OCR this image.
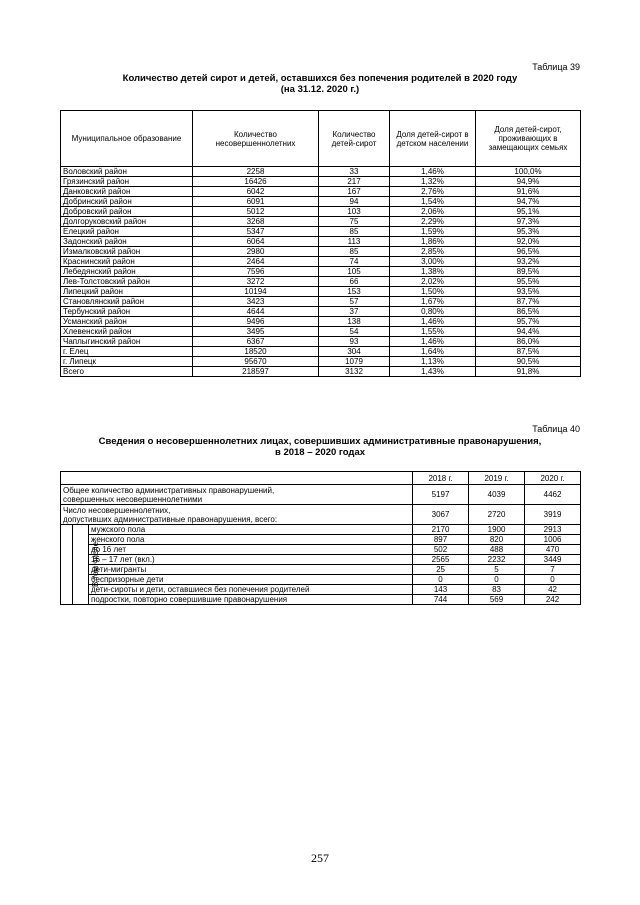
Таблица 39
Количество детей сирот и детей, оставшихся без попечения родителей в 2020 году
(на 31.12. 2020 г.)
Муниципальное образование	Количество несовершеннолетних	Количество детей-сирот	Доля детей-сирот в детском населении	Доля детей-сирот, проживающих в замещающих семьях
Воловский район	2258	33	1,46%	100,0%
Грязинский район	16426	217	1,32%	94,9%
Данковский район	6042	167	2,76%	91,6%
Добринский район	6091	94	1,54%	94,7%
Добровский район	5012	103	2,06%	95,1%
Долгоруковский район	3268	75	2,29%	97,3%
Елецкий район	5347	85	1,59%	95,3%
Задонский район	6064	113	1,86%	92,0%
Измалковский район	2980	85	2,85%	96,5%
Краснинский район	2464	74	3,00%	93,2%
Лебедянский район	7596	105	1,38%	89,5%
Лев-Толстовский район	3272	66	2,02%	95,5%
Липецкий район	10194	153	1,50%	93,5%
Становлянский район	3423	57	1,67%	87,7%
Тербунский район	4644	37	0,80%	86,5%
Усманский район	9496	138	1,46%	95,7%
Хлевенский район	3495	54	1,55%	94,4%
Чаплыгинский район	6367	93	1,46%	86,0%
г. Елец	18520	304	1,64%	87,5%
г. Липецк	95670	1079	1,13%	90,5%
Всего	218597	3132	1,43%	91,8%
Таблица 40
Сведения о несовершеннолетних лицах, совершивших административные правонарушения,
в 2018 – 2020 годах
			2018 г.	2019 г.	2020 г.
Общее количество административных правонарушений,
совершенных несовершеннолетними			5197	4039	4462
Число несовершеннолетних,
допустивших административные правонарушения, всего:			3067	2720	3919
	В том числе	мужского пола	2170	1900	2913
		женского пола	897	820	1006
		до 16 лет	502	488	470
		16 – 17 лет (вкл.)	2565	2232	3449
		дети-мигранты	25	5	7
		беспризорные дети	0	0	0
		дети-сироты и дети, оставшиеся без попечения родителей	143	83	42
		подростки, повторно совершившие правонарушения	744	569	242
257
